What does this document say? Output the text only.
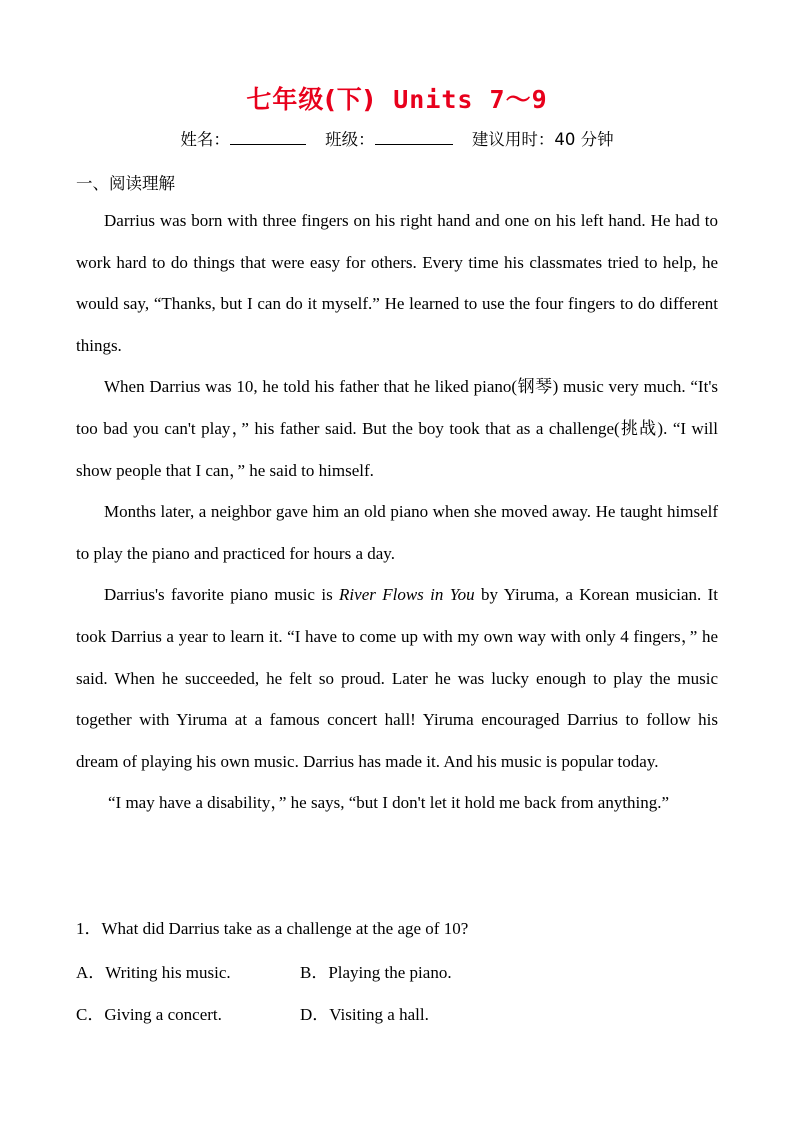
七年级(下) Units 7～9
姓名：	班级：	建议用时：40 分钟
一、阅读理解

Darrius was born with three fingers on his right hand and one on his left hand. He had to work hard to do things that were easy for others. Every time his classmates tried to help, he would say, “Thanks, but I can do it myself.” He learned to use the four fingers to do different things.

When Darrius was 10, he told his father that he liked piano(钢琴) music very much. “It's too bad you can't play，” his father said. But the boy took that as a challenge(挑战). “I will show people that I can，” he said to himself.

Months later, a neighbor gave him an old piano when she moved away. He taught himself to play the piano and practiced for hours a day.

Darrius's favorite piano music is River Flows in You by Yiruma, a Korean musician. It took Darrius a year to learn it. “I have to come up with my own way with only 4 fingers，” he said. When he succeeded, he felt so proud. Later he was lucky enough to play the music together with Yiruma at a famous concert hall! Yiruma encouraged Darrius to follow his dream of playing his own music. Darrius has made it. And his music is popular today.

“I may have a disability，” he says, “but I don't let it hold me back from anything.”

1．What did Darrius take as a challenge at the age of 10?
A．Writing his music.	B．Playing the piano.
C．Giving a concert.	D．Visiting a hall.
